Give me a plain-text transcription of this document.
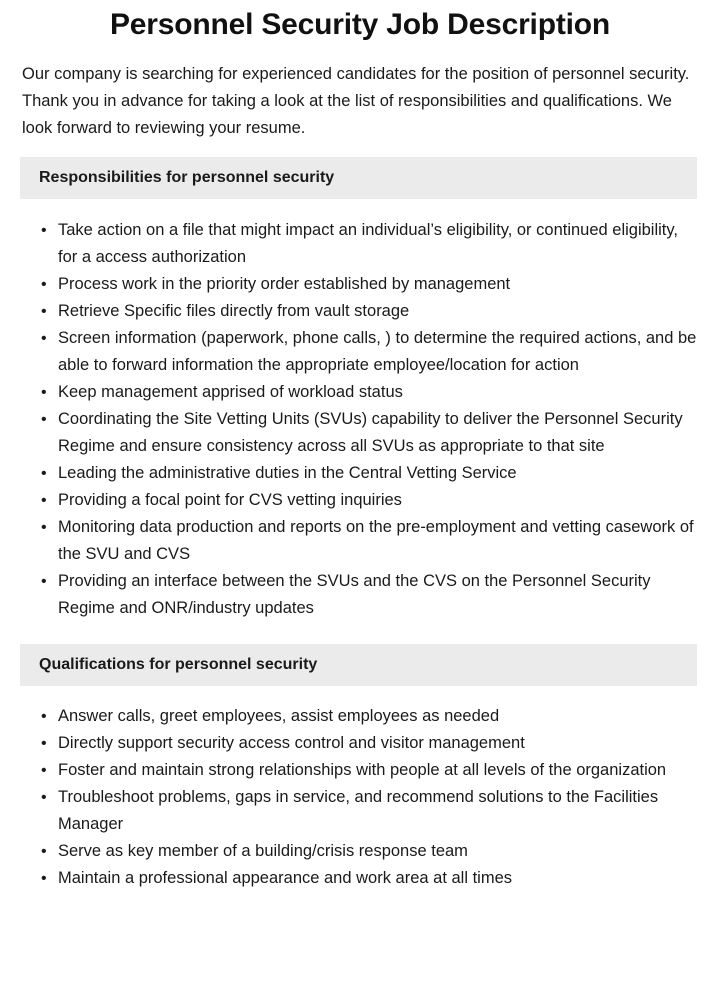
Personnel Security Job Description

Our company is searching for experienced candidates for the position of personnel security. Thank you in advance for taking a look at the list of responsibilities and qualifications. We look forward to reviewing your resume.

Responsibilities for personnel security
• Take action on a file that might impact an individual’s eligibility, or continued eligibility, for a access authorization
• Process work in the priority order established by management
• Retrieve Specific files directly from vault storage
• Screen information (paperwork, phone calls, ) to determine the required actions, and be able to forward information the appropriate employee/location for action
• Keep management apprised of workload status
• Coordinating the Site Vetting Units (SVUs) capability to deliver the Personnel Security Regime and ensure consistency across all SVUs as appropriate to that site
• Leading the administrative duties in the Central Vetting Service
• Providing a focal point for CVS vetting inquiries
• Monitoring data production and reports on the pre-employment and vetting casework of the SVU and CVS
• Providing an interface between the SVUs and the CVS on the Personnel Security Regime and ONR/industry updates
Qualifications for personnel security
• Answer calls, greet employees, assist employees as needed
• Directly support security access control and visitor management
• Foster and maintain strong relationships with people at all levels of the organization
• Troubleshoot problems, gaps in service, and recommend solutions to the Facilities Manager
• Serve as key member of a building/crisis response team
• Maintain a professional appearance and work area at all times
